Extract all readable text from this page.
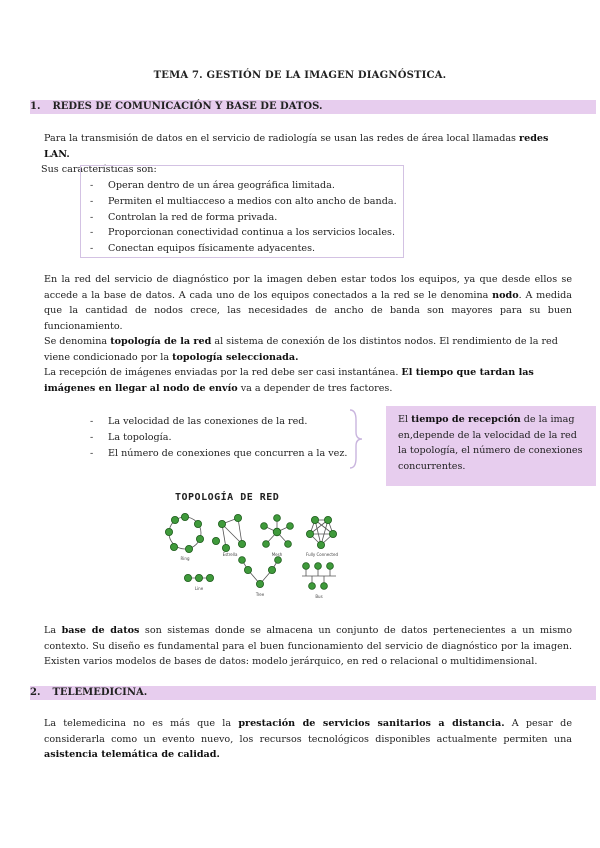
TEMA 7. GESTIÓN DE LA IMAGEN DIAGNÓSTICA.
1. REDES DE COMUNICACIÓN Y BASE DE DATOS.

Para la transmisión de datos en el servicio de radiología se usan las redes de área local llamadas redes LAN.
Sus características son:

- Operan dentro de un área geográfica limitada.
- Permiten el multiacceso a medios con alto ancho de banda.
- Controlan la red de forma privada.
- Proporcionan conectividad continua a los servicios locales.
- Conectan equipos físicamente adyacentes.

En la red del servicio de diagnóstico por la imagen deben estar todos los equipos, ya que desde ellos se accede a la base de datos. A cada uno de los equipos conectados a la red se le denomina nodo. A medida que la cantidad de nodos crece, las necesidades de ancho de banda son mayores para su buen funcionamiento.

Se denomina topología de la red al sistema de conexión de los distintos nodos. El rendimiento de la red viene condicionado por la topología seleccionada.
La recepción de imágenes enviadas por la red debe ser casi instantánea. El tiempo que tardan las imágenes en llegar al nodo de envío va a depender de tres factores.

- La velocidad de las conexiones de la red.
- La topología.
- El número de conexiones que concurren a la vez.
El tiempo de recepción de la imag en,depende de la velocidad de la red la topología, el número de conexiones concurrentes.
TOPOLOGÍA DE RED
Ring
Estrella	Mesh	Fully Connected
Line
Tree	Bus

La base de datos son sistemas donde se almacena un conjunto de datos pertenecientes a un mismo contexto. Su diseño es fundamental para el buen funcionamiento del servicio de diagnóstico por la imagen. Existen varios modelos de bases de datos: modelo jerárquico, en red o relacional o multidimensional.

2. TELEMEDICINA.

La telemedicina no es más que la prestación de servicios sanitarios a distancia. A pesar de considerarla como un evento nuevo, los recursos tecnológicos disponibles actualmente permiten una asistencia telemática de calidad.
